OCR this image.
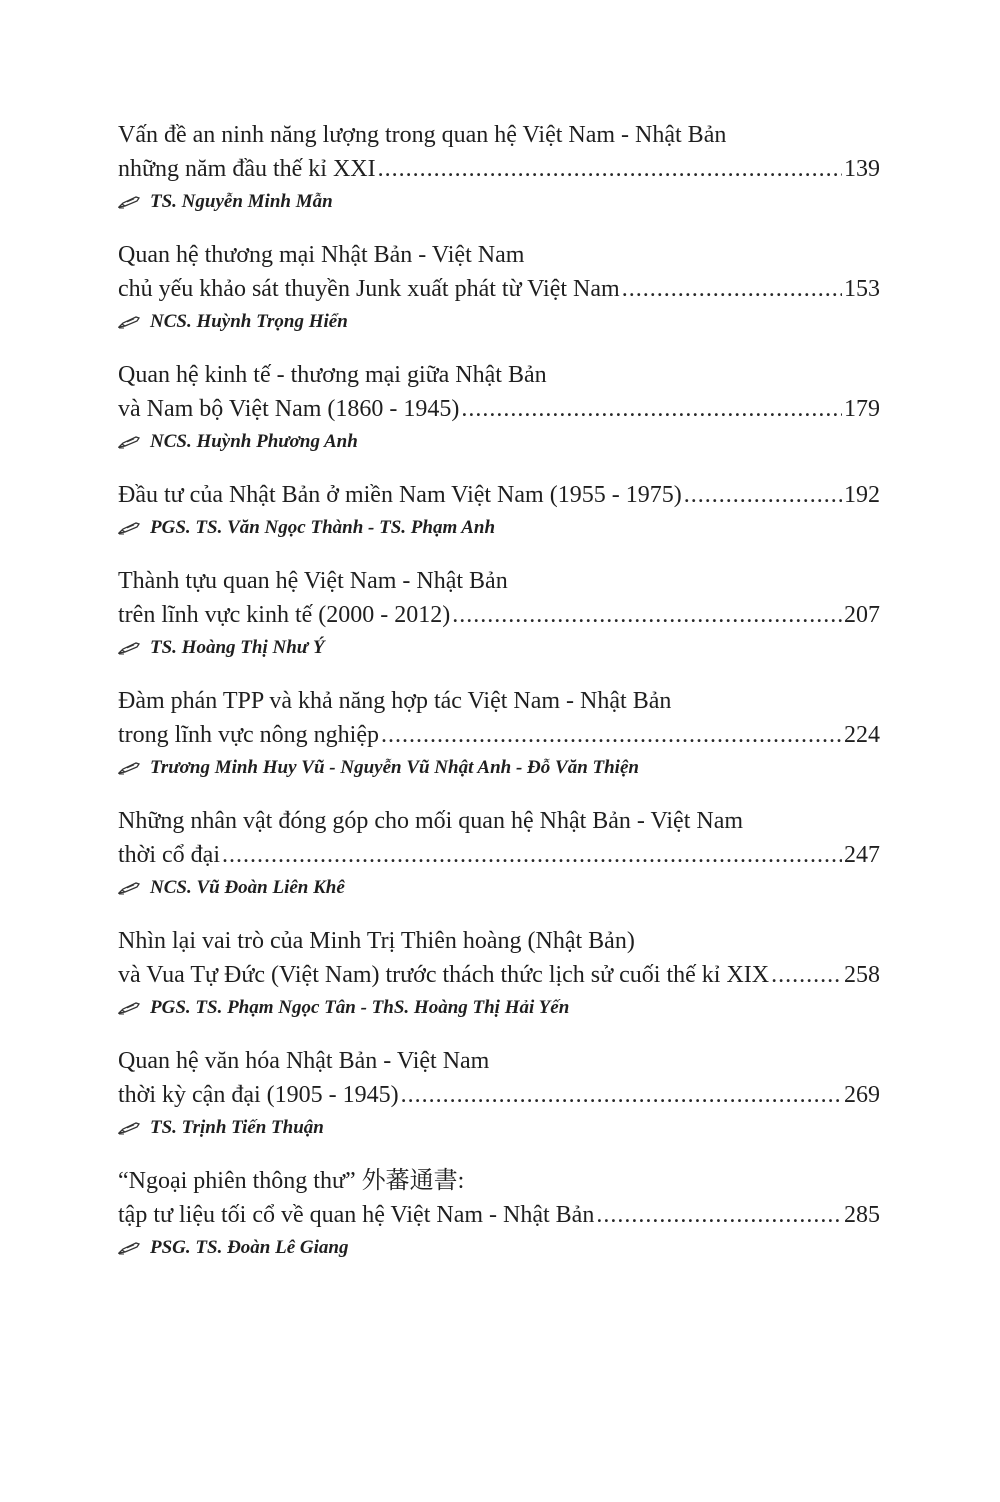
Vấn đề an ninh năng lượng trong quan hệ Việt Nam - Nhật Bản
những năm đầu thế kỉ XXI .....	139
TS. Nguyễn Minh Mẫn
Quan hệ thương mại Nhật Bản - Việt Nam
chủ yếu khảo sát thuyền Junk xuất phát từ Việt Nam .....	153
NCS. Huỳnh Trọng Hiển
Quan hệ kinh tế - thương mại giữa Nhật Bản
và Nam bộ Việt Nam (1860 - 1945) .....	179
NCS. Huỳnh Phương Anh
Đầu tư của Nhật Bản ở miền Nam Việt Nam (1955 - 1975) .....	192
PGS. TS. Văn Ngọc Thành - TS. Phạm Anh
Thành tựu quan hệ Việt Nam - Nhật Bản
trên lĩnh vực kinh tế (2000 - 2012) .....	207
TS. Hoàng Thị Như Ý
Đàm phán TPP và khả năng hợp tác Việt Nam - Nhật Bản
trong lĩnh vực nông nghiệp .....	224
Trương Minh Huy Vũ - Nguyễn Vũ Nhật Anh - Đỗ Văn Thiện
Những nhân vật đóng góp cho mối quan hệ Nhật Bản - Việt Nam
thời cổ đại .....	247
NCS. Vũ Đoàn Liên Khê
Nhìn lại vai trò của Minh Trị Thiên hoàng (Nhật Bản)
và Vua Tự Đức (Việt Nam) trước thách thức lịch sử cuối thế kỉ XIX .....	258
PGS. TS. Phạm Ngọc Tân - ThS. Hoàng Thị Hải Yến
Quan hệ văn hóa Nhật Bản - Việt Nam
thời kỳ cận đại (1905 - 1945) .....	269
TS. Trịnh Tiến Thuận
“Ngoại phiên thông thư” 外蕃通書:
tập tư liệu tối cổ về quan hệ Việt Nam - Nhật Bản .....	285
PSG. TS. Đoàn Lê Giang
